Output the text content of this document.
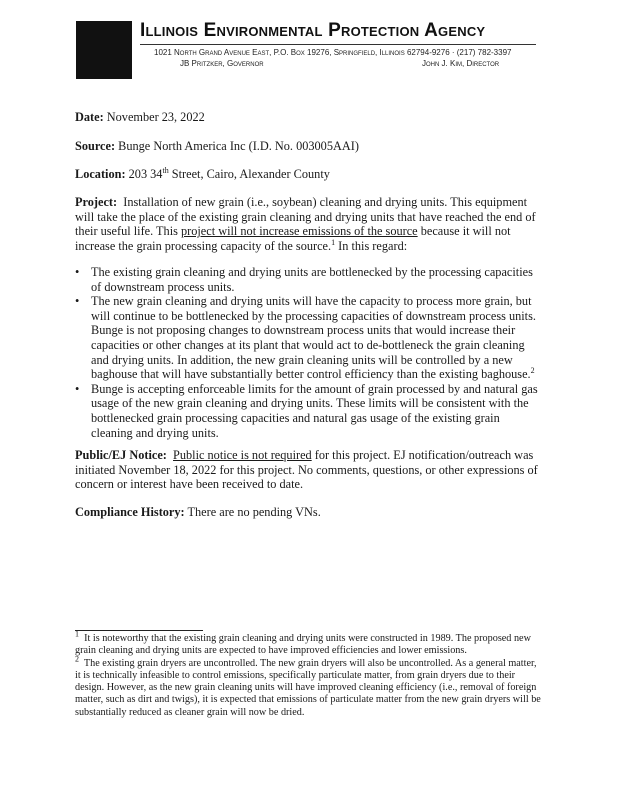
Illinois Environmental Protection Agency
1021 North Grand Avenue East, P.O. Box 19276, Springfield, Illinois 62794-9276 · (217) 782-3397
JB Pritzker, Governor	John J. Kim, Director
Date: November 23, 2022
Source: Bunge North America Inc (I.D. No. 003005AAI)
Location: 203 34th Street, Cairo, Alexander County
Project: Installation of new grain (i.e., soybean) cleaning and drying units. This equipment will take the place of the existing grain cleaning and drying units that have reached the end of their useful life. This project will not increase emissions of the source because it will not increase the grain processing capacity of the source.$^1$ In this regard:
• The existing grain cleaning and drying units are bottlenecked by the processing capacities of downstream process units.
• The new grain cleaning and drying units will have the capacity to process more grain, but will continue to be bottlenecked by the processing capacities of downstream process units. Bunge is not proposing changes to downstream process units that would increase their capacities or other changes at its plant that would act to de-bottleneck the grain cleaning and drying units. In addition, the new grain cleaning units will be controlled by a new baghouse that will have substantially better control efficiency than the existing baghouse.$^2$
• Bunge is accepting enforceable limits for the amount of grain processed by and natural gas usage of the new grain cleaning and drying units. These limits will be consistent with the bottlenecked grain processing capacities and natural gas usage of the existing grain cleaning and drying units.
Public/EJ Notice: Public notice is not required for this project. EJ notification/outreach was initiated November 18, 2022 for this project. No comments, questions, or other expressions of concern or interest have been received to date.
Compliance History: There are no pending VNs.

$^1$ It is noteworthy that the existing grain cleaning and drying units were constructed in 1989. The proposed new grain cleaning and drying units are expected to have improved efficiencies and lower emissions.

$^2$ The existing grain dryers are uncontrolled. The new grain dryers will also be uncontrolled. As a general matter, it is technically infeasible to control emissions, specifically particulate matter, from grain dryers due to their design. However, as the new grain cleaning units will have improved cleaning efficiency (i.e., removal of foreign matter, such as dirt and twigs), it is expected that emissions of particulate matter from the new grain dryers will be substantially reduced as cleaner grain will now be dried.
